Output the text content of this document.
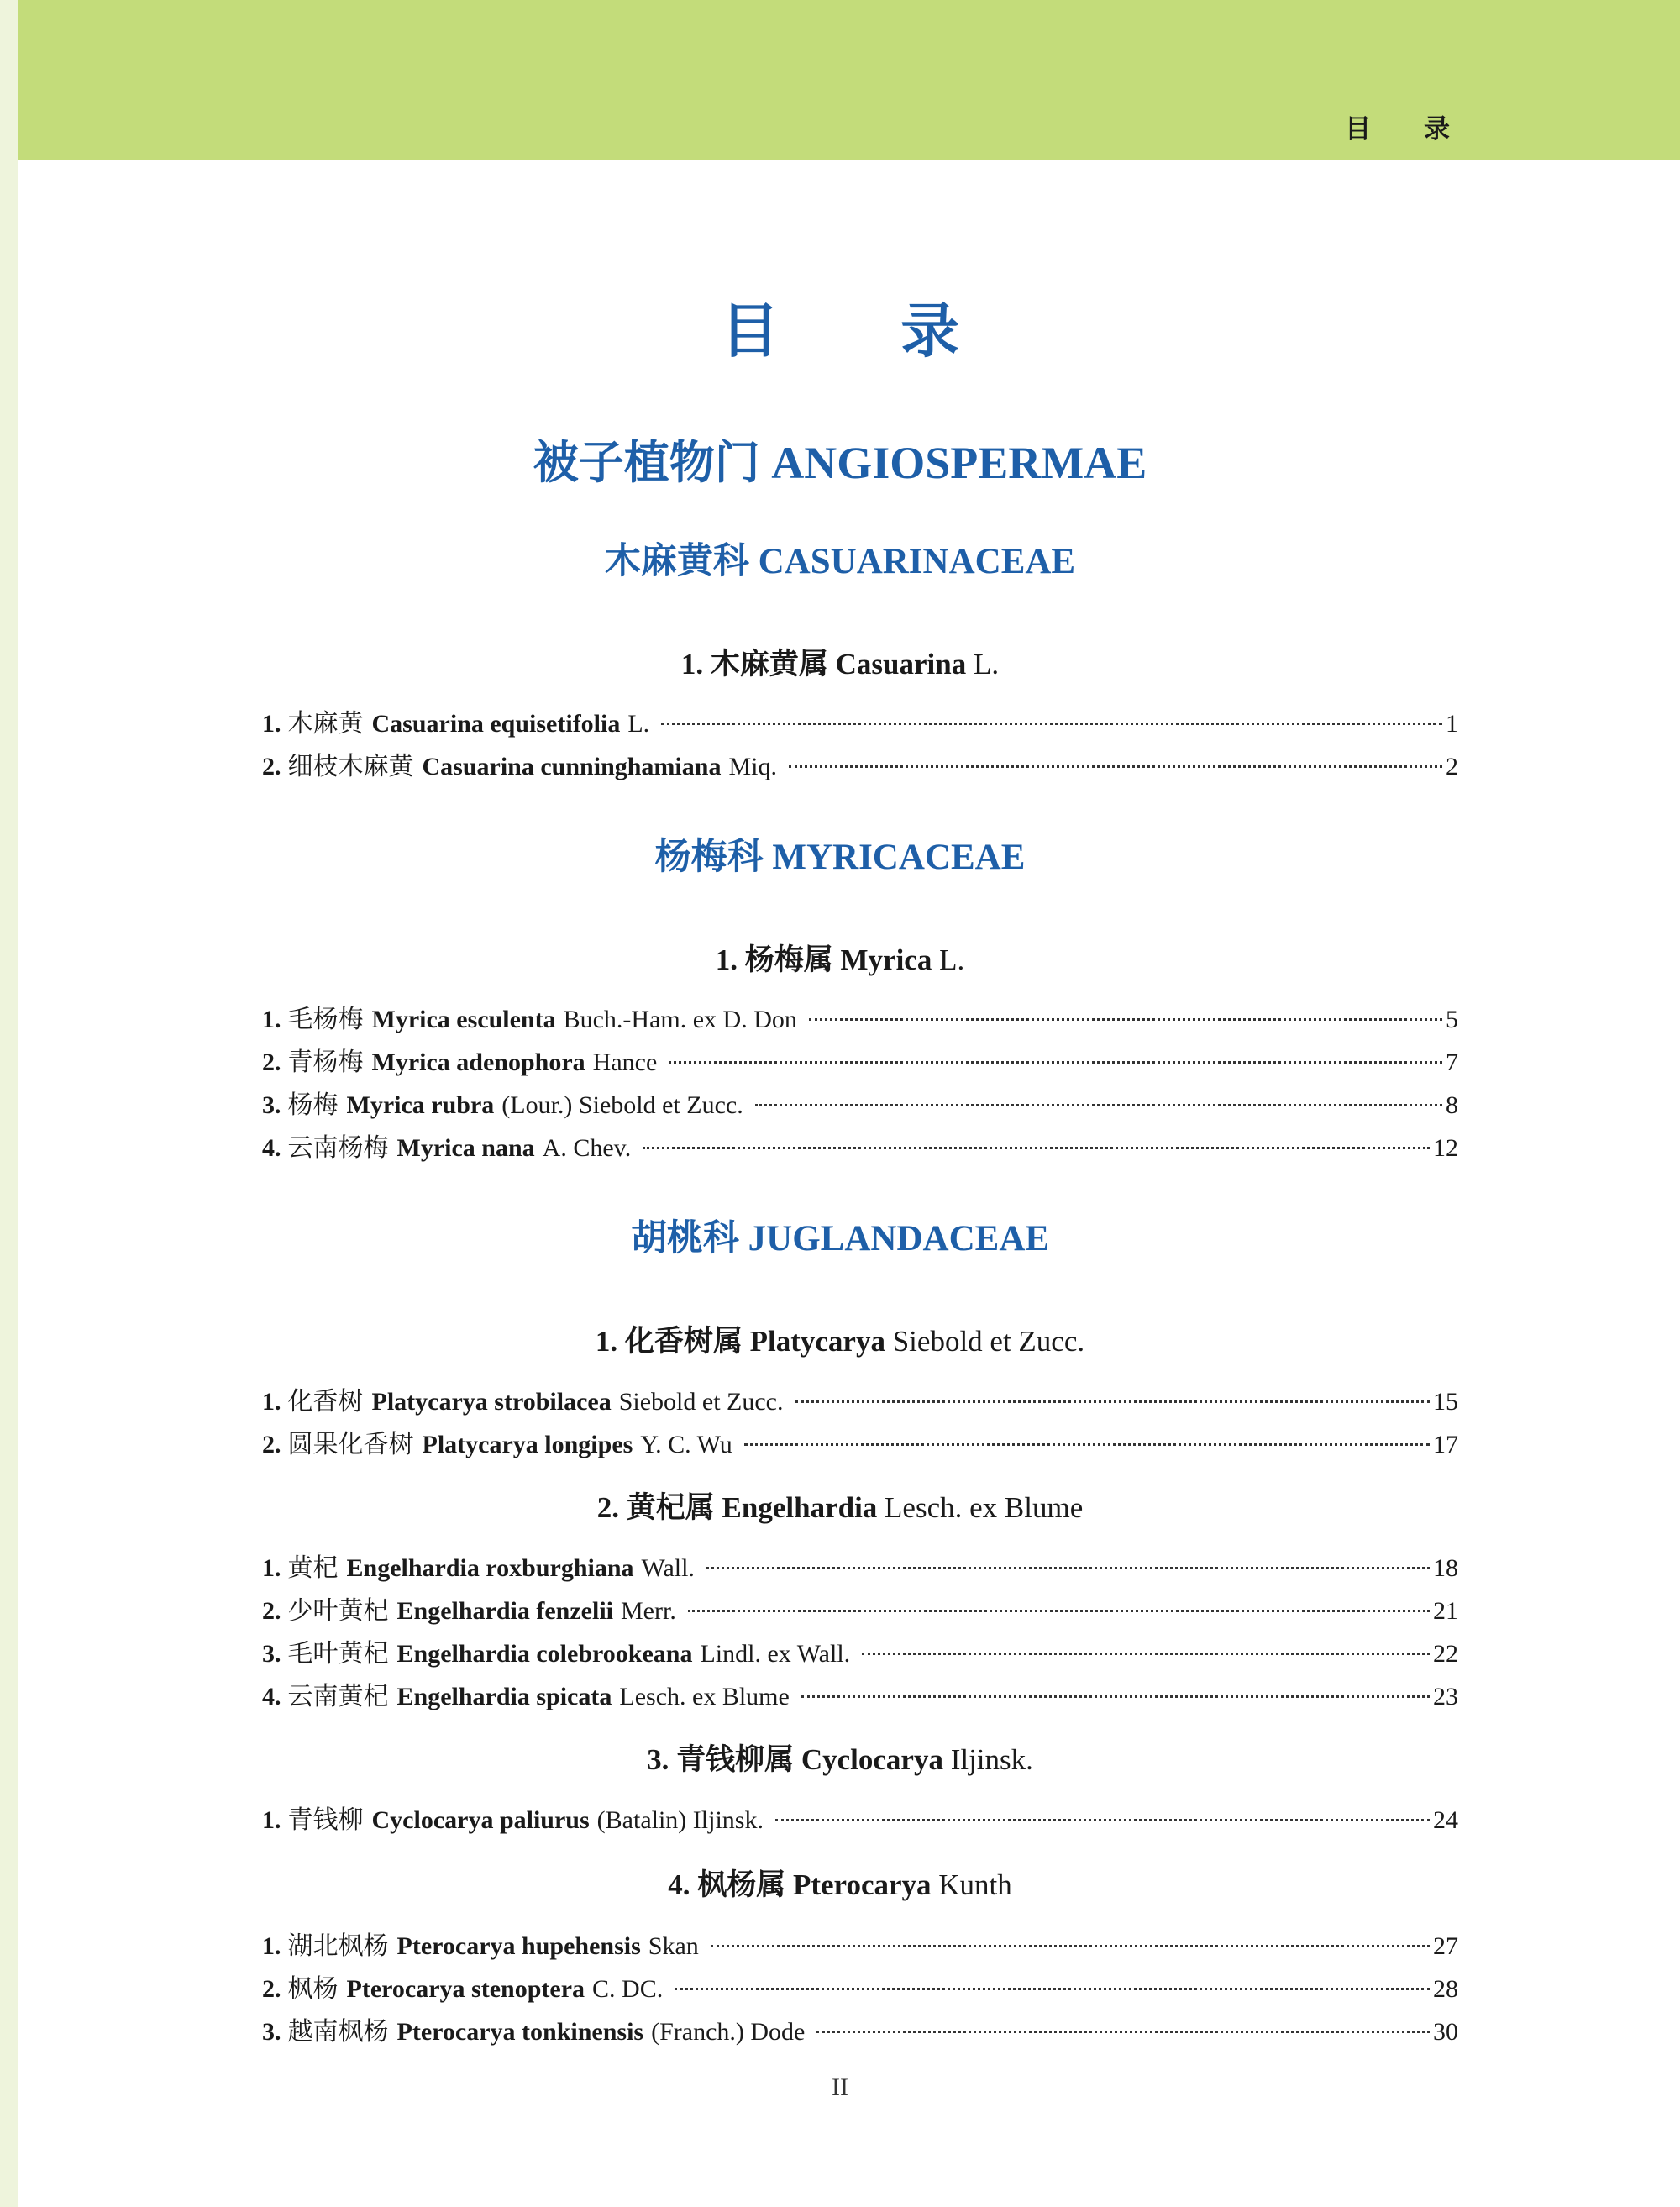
目 录
目 录
被子植物门 ANGIOSPERMAE
木麻黄科 CASUARINACEAE
1. 木麻黄属 Casuarina L.
1. 木麻黄 Casuarina equisetifolia L.	1
2. 细枝木麻黄 Casuarina cunninghamiana Miq.	2
杨梅科 MYRICACEAE
1. 杨梅属 Myrica L.
1. 毛杨梅 Myrica esculenta Buch.-Ham. ex D. Don	5
2. 青杨梅 Myrica adenophora Hance	7
3. 杨梅 Myrica rubra (Lour.) Siebold et Zucc.	8
4. 云南杨梅 Myrica nana A. Chev.	12
胡桃科 JUGLANDACEAE
1. 化香树属 Platycarya Siebold et Zucc.
1. 化香树 Platycarya strobilacea Siebold et Zucc.	15
2. 圆果化香树 Platycarya longipes Y. C. Wu	17
2. 黄杞属 Engelhardia Lesch. ex Blume
1. 黄杞 Engelhardia roxburghiana Wall.	18
2. 少叶黄杞 Engelhardia fenzelii Merr.	21
3. 毛叶黄杞 Engelhardia colebrookeana Lindl. ex Wall.	22
4. 云南黄杞 Engelhardia spicata Lesch. ex Blume	23
3. 青钱柳属 Cyclocarya Iljinsk.
1. 青钱柳 Cyclocarya paliurus (Batalin) Iljinsk.	24
4. 枫杨属 Pterocarya Kunth
1. 湖北枫杨 Pterocarya hupehensis Skan	27
2. 枫杨 Pterocarya stenoptera C. DC.	28
3. 越南枫杨 Pterocarya tonkinensis (Franch.) Dode	30
II
